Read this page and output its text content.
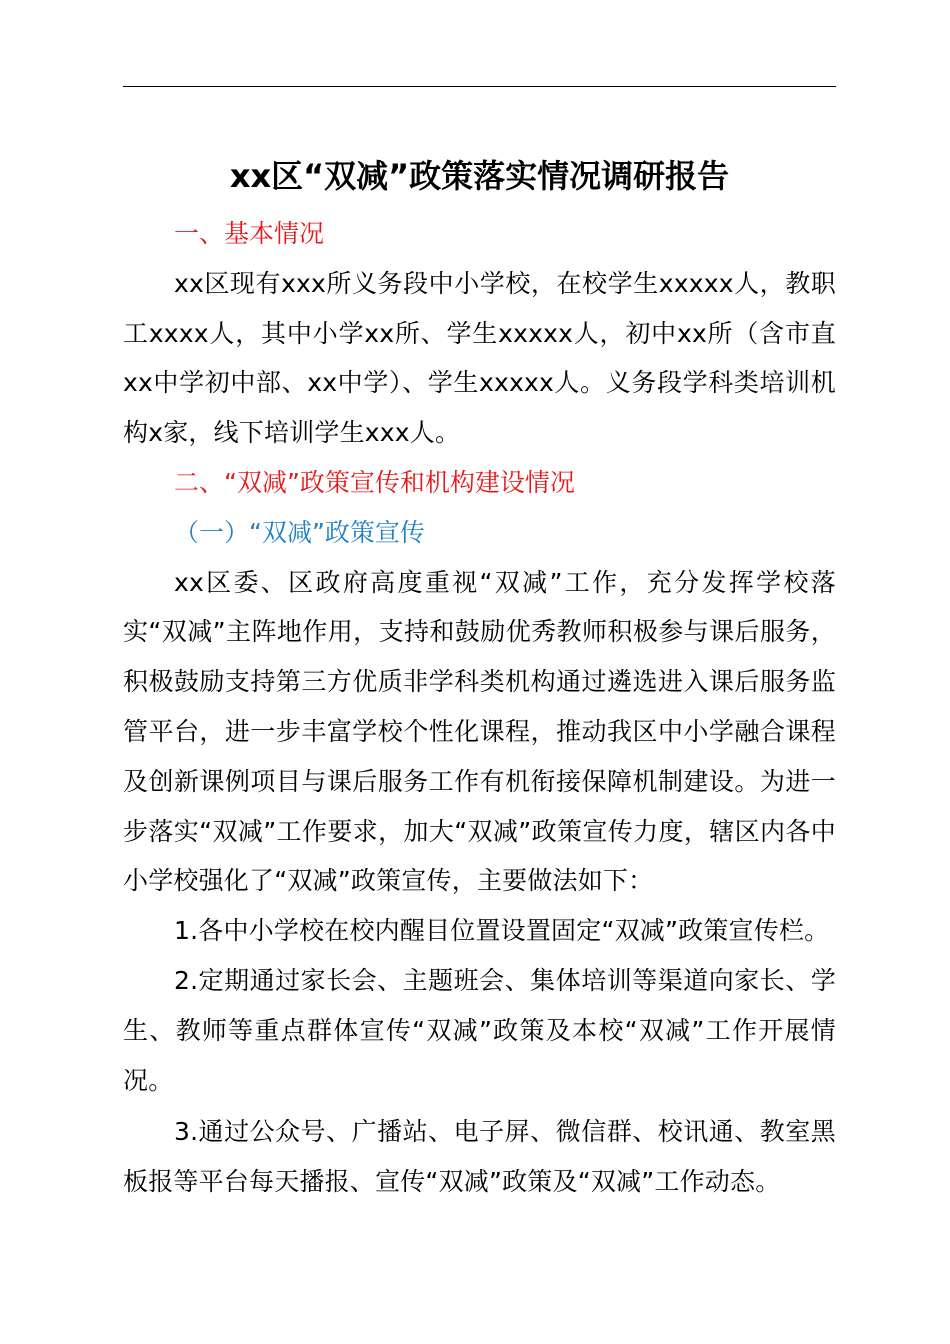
xx区“双减”政策落实情况调研报告
一、基本情况

xx区现有xxx所义务段中小学校，在校学生xxxxx人，教职工xxxx人，其中小学xx所、学生xxxxx人，初中xx所（含市直xx中学初中部、xx中学）、学生xxxxx人。义务段学科类培训机构x家，线下培训学生xxx人。

二、“双减”政策宣传和机构建设情况
（一）“双减”政策宣传

xx区委、区政府高度重视“双减”工作，充分发挥学校落实“双减”主阵地作用，支持和鼓励优秀教师积极参与课后服务，积极鼓励支持第三方优质非学科类机构通过遴选进入课后服务监管平台，进一步丰富学校个性化课程，推动我区中小学融合课程及创新课例项目与课后服务工作有机衔接保障机制建设。为进一步落实“双减”工作要求，加大“双减”政策宣传力度，辖区内各中小学校强化了“双减”政策宣传，主要做法如下：

1.各中小学校在校内醒目位置设置固定“双减”政策宣传栏。

2.定期通过家长会、主题班会、集体培训等渠道向家长、学生、教师等重点群体宣传“双减”政策及本校“双减”工作开展情况。

3.通过公众号、广播站、电子屏、微信群、校讯通、教室黑板报等平台每天播报、宣传“双减”政策及“双减”工作动态。
